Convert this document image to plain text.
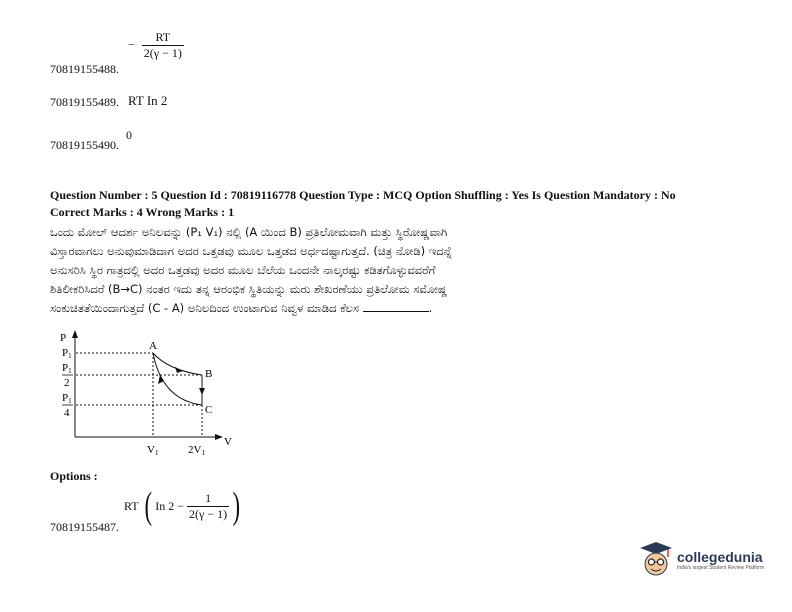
− $\frac{RT}{2(\gamma - 1)}$
70819155488.
70819155489. RT In 2
0
70819155490.
Question Number : 5 Question Id : 70819116778 Question Type : MCQ Option Shuffling : Yes Is Question Mandatory : No
Correct Marks : 4 Wrong Marks : 1
ಒಂದು ಮೋಲ್ ಆದರ್ಶ ಅನಿಲವನ್ನು (P₁ V₁) ನಲ್ಲಿ (A ಯಿಂದ B) ಪ್ರತಿಲೋಮವಾಗಿ ಮತ್ತು ಸ್ಥಿರೋಷ್ಣವಾಗಿ
ವಿಸ್ತಾರವಾಗಲು ಅನುವುಮಾಡಿದಾಗ ಅದರ ಒತ್ತಡವು ಮೂಲ ಒತ್ತಡದ ಅರ್ಧದಷ್ಟಾಗುತ್ತದೆ. (ಚಿತ್ರ ನೋಡಿ) ಇದನ್ನೆ
ಅನುಸರಿಸಿ ಸ್ಥಿರ ಗಾತ್ರದಲ್ಲಿ ಅದರ ಒತ್ತಡವು ಅದರ ಮೂಲ ಬೆಲೆಯ ಒಂದನೇ ನಾಲ್ಕರಷ್ಟು ಕಡಿತಗೊಳ್ಳುವವರೆಗೆ
ಶಿತಿಲೀಕರಿಸಿದರೆ (B→C) ನಂತರ ಇದು ತನ್ನ ಆರಂಭಿಕ ಸ್ಥಿತಿಯನ್ನು ಮರು ಶೇಖರಣೆಯು ಪ್ರತಿಲೋಮ ಸಮೋಷ್ಣ
ಸಂಕುಚಿತತೆಯಿಂದಾಗುತ್ತದೆ (C - A) ಅನಿಲದಿಂದ ಉಂಟಾಗುವ ನಿವ್ವಳ ಮಾಡಿದ ಕೆಲಸ	.
P
V
P1
P1
2
P1
4
A
B
C
V1	2V1
Options :
RT ( In $2 - \frac{1}{2(\gamma - 1)}$ )
70819155487.
collegedunia
India's largest Student Review Platform
